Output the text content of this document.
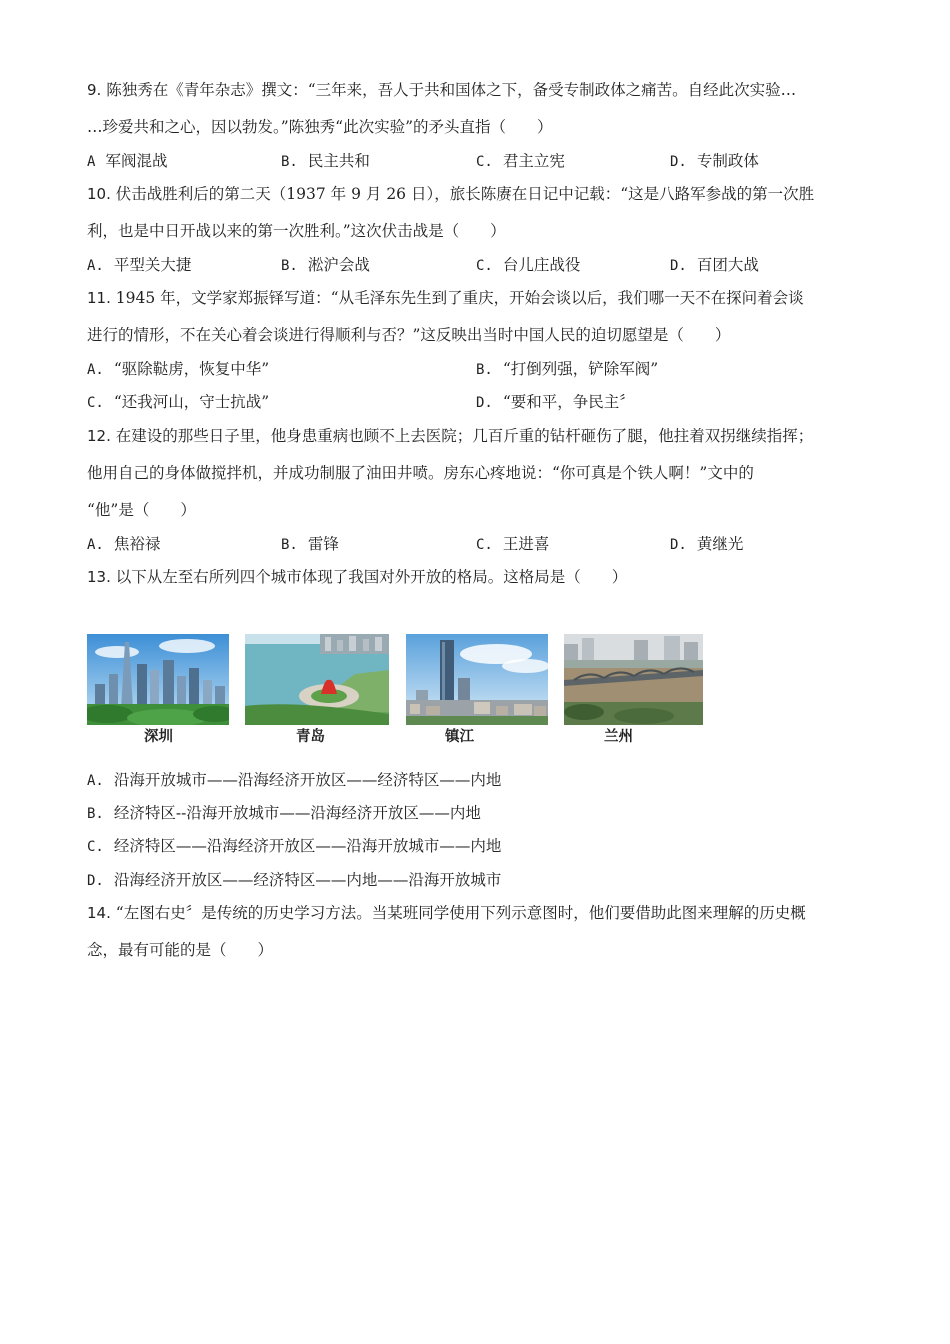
9. 陈独秀在《青年杂志》撰文：“三年来，吾人于共和国体之下，备受专制政体之痛苦。自经此次实验…
…珍爱共和之心，因以勃发。”陈独秀“此次实验”的矛头直指（　　）
A 军阀混战	B. 民主共和	C. 君主立宪	D. 专制政体
10. 伏击战胜利后的第二天（1937 年 9 月 26 日），旅长陈赓在日记中记载：“这是八路军参战的第一次胜
利，也是中日开战以来的第一次胜利。”这次伏击战是（　　）
A. 平型关大捷	B. 淞沪会战	C. 台儿庄战役	D. 百团大战
11. 1945 年，文学家郑振铎写道：“从毛泽东先生到了重庆，开始会谈以后，我们哪一天不在探问着会谈
进行的情形，不在关心着会谈进行得顺利与否？”这反映出当时中国人民的迫切愿望是（　　）
A. “驱除鞑虏，恢复中华”	B. “打倒列强，铲除军阀”
C. “还我河山，守士抗战”	D. “要和平，争民主〞
12. 在建设的那些日子里，他身患重病也顾不上去医院；几百斤重的钻杆砸伤了腿，他拄着双拐继续指挥；
他用自己的身体做搅拌机，并成功制服了油田井喷。房东心疼地说：“你可真是个铁人啊！”文中的
“他”是（　　）
A. 焦裕禄	B. 雷锋	C. 王进喜	D. 黄继光
13. 以下从左至右所列四个城市体现了我国对外开放的格局。这格局是（　　）
深圳	青岛	镇江	兰州
A. 沿海开放城市——沿海经济开放区——经济特区——内地
B. 经济特区--沿海开放城市——沿海经济开放区——内地
C. 经济特区——沿海经济开放区——沿海开放城市——内地
D. 沿海经济开放区——经济特区——内地——沿海开放城市
14. “左图右史〞是传统的历史学习方法。当某班同学使用下列示意图时，他们要借助此图来理解的历史概
念，最有可能的是（　　）
